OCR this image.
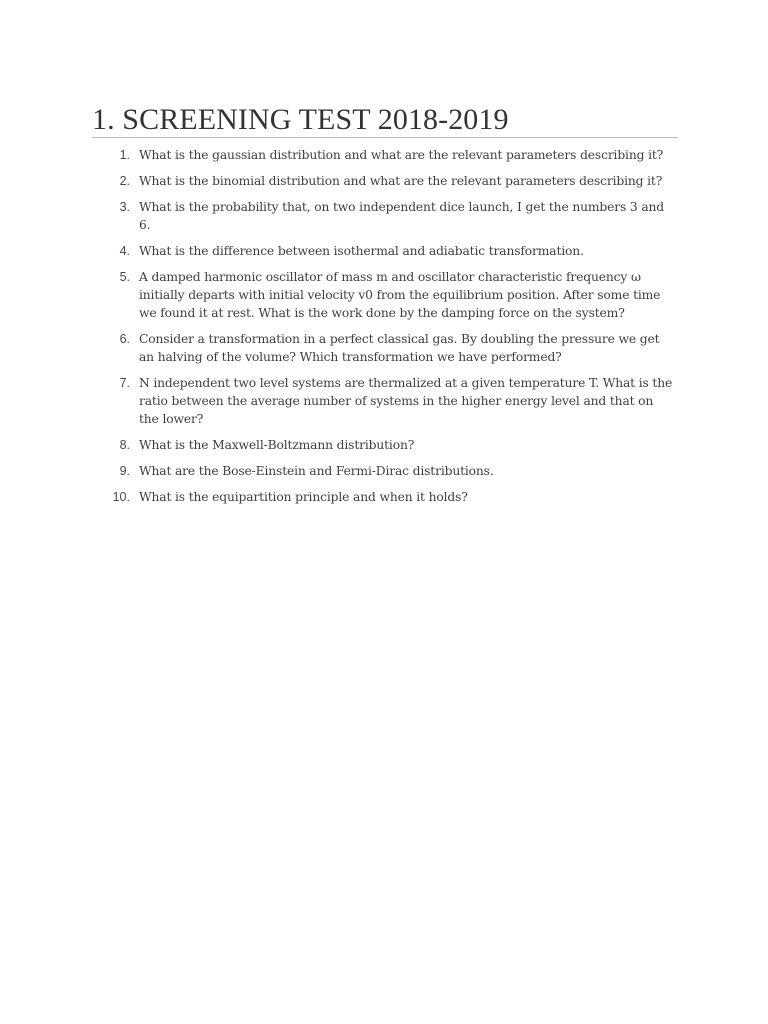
1. SCREENING TEST 2018-2019
1. What is the gaussian distribution and what are the relevant parameters describing it?
2. What is the binomial distribution and what are the relevant parameters describing it?
3. What is the probability that, on two independent dice launch, I get the numbers 3 and 6.
4. What is the difference between isothermal and adiabatic transformation.
5. A damped harmonic oscillator of mass m and oscillator characteristic frequency ω initially departs with initial velocity v0 from the equilibrium position. After some time we found it at rest. What is the work done by the damping force on the system?
6. Consider a transformation in a perfect classical gas. By doubling the pressure we get an halving of the volume? Which transformation we have performed?
7. N independent two level systems are thermalized at a given temperature T. What is the ratio between the average number of systems in the higher energy level and that on the lower?
8. What is the Maxwell-Boltzmann distribution?
9. What are the Bose-Einstein and Fermi-Dirac distributions.
10. What is the equipartition principle and when it holds?
